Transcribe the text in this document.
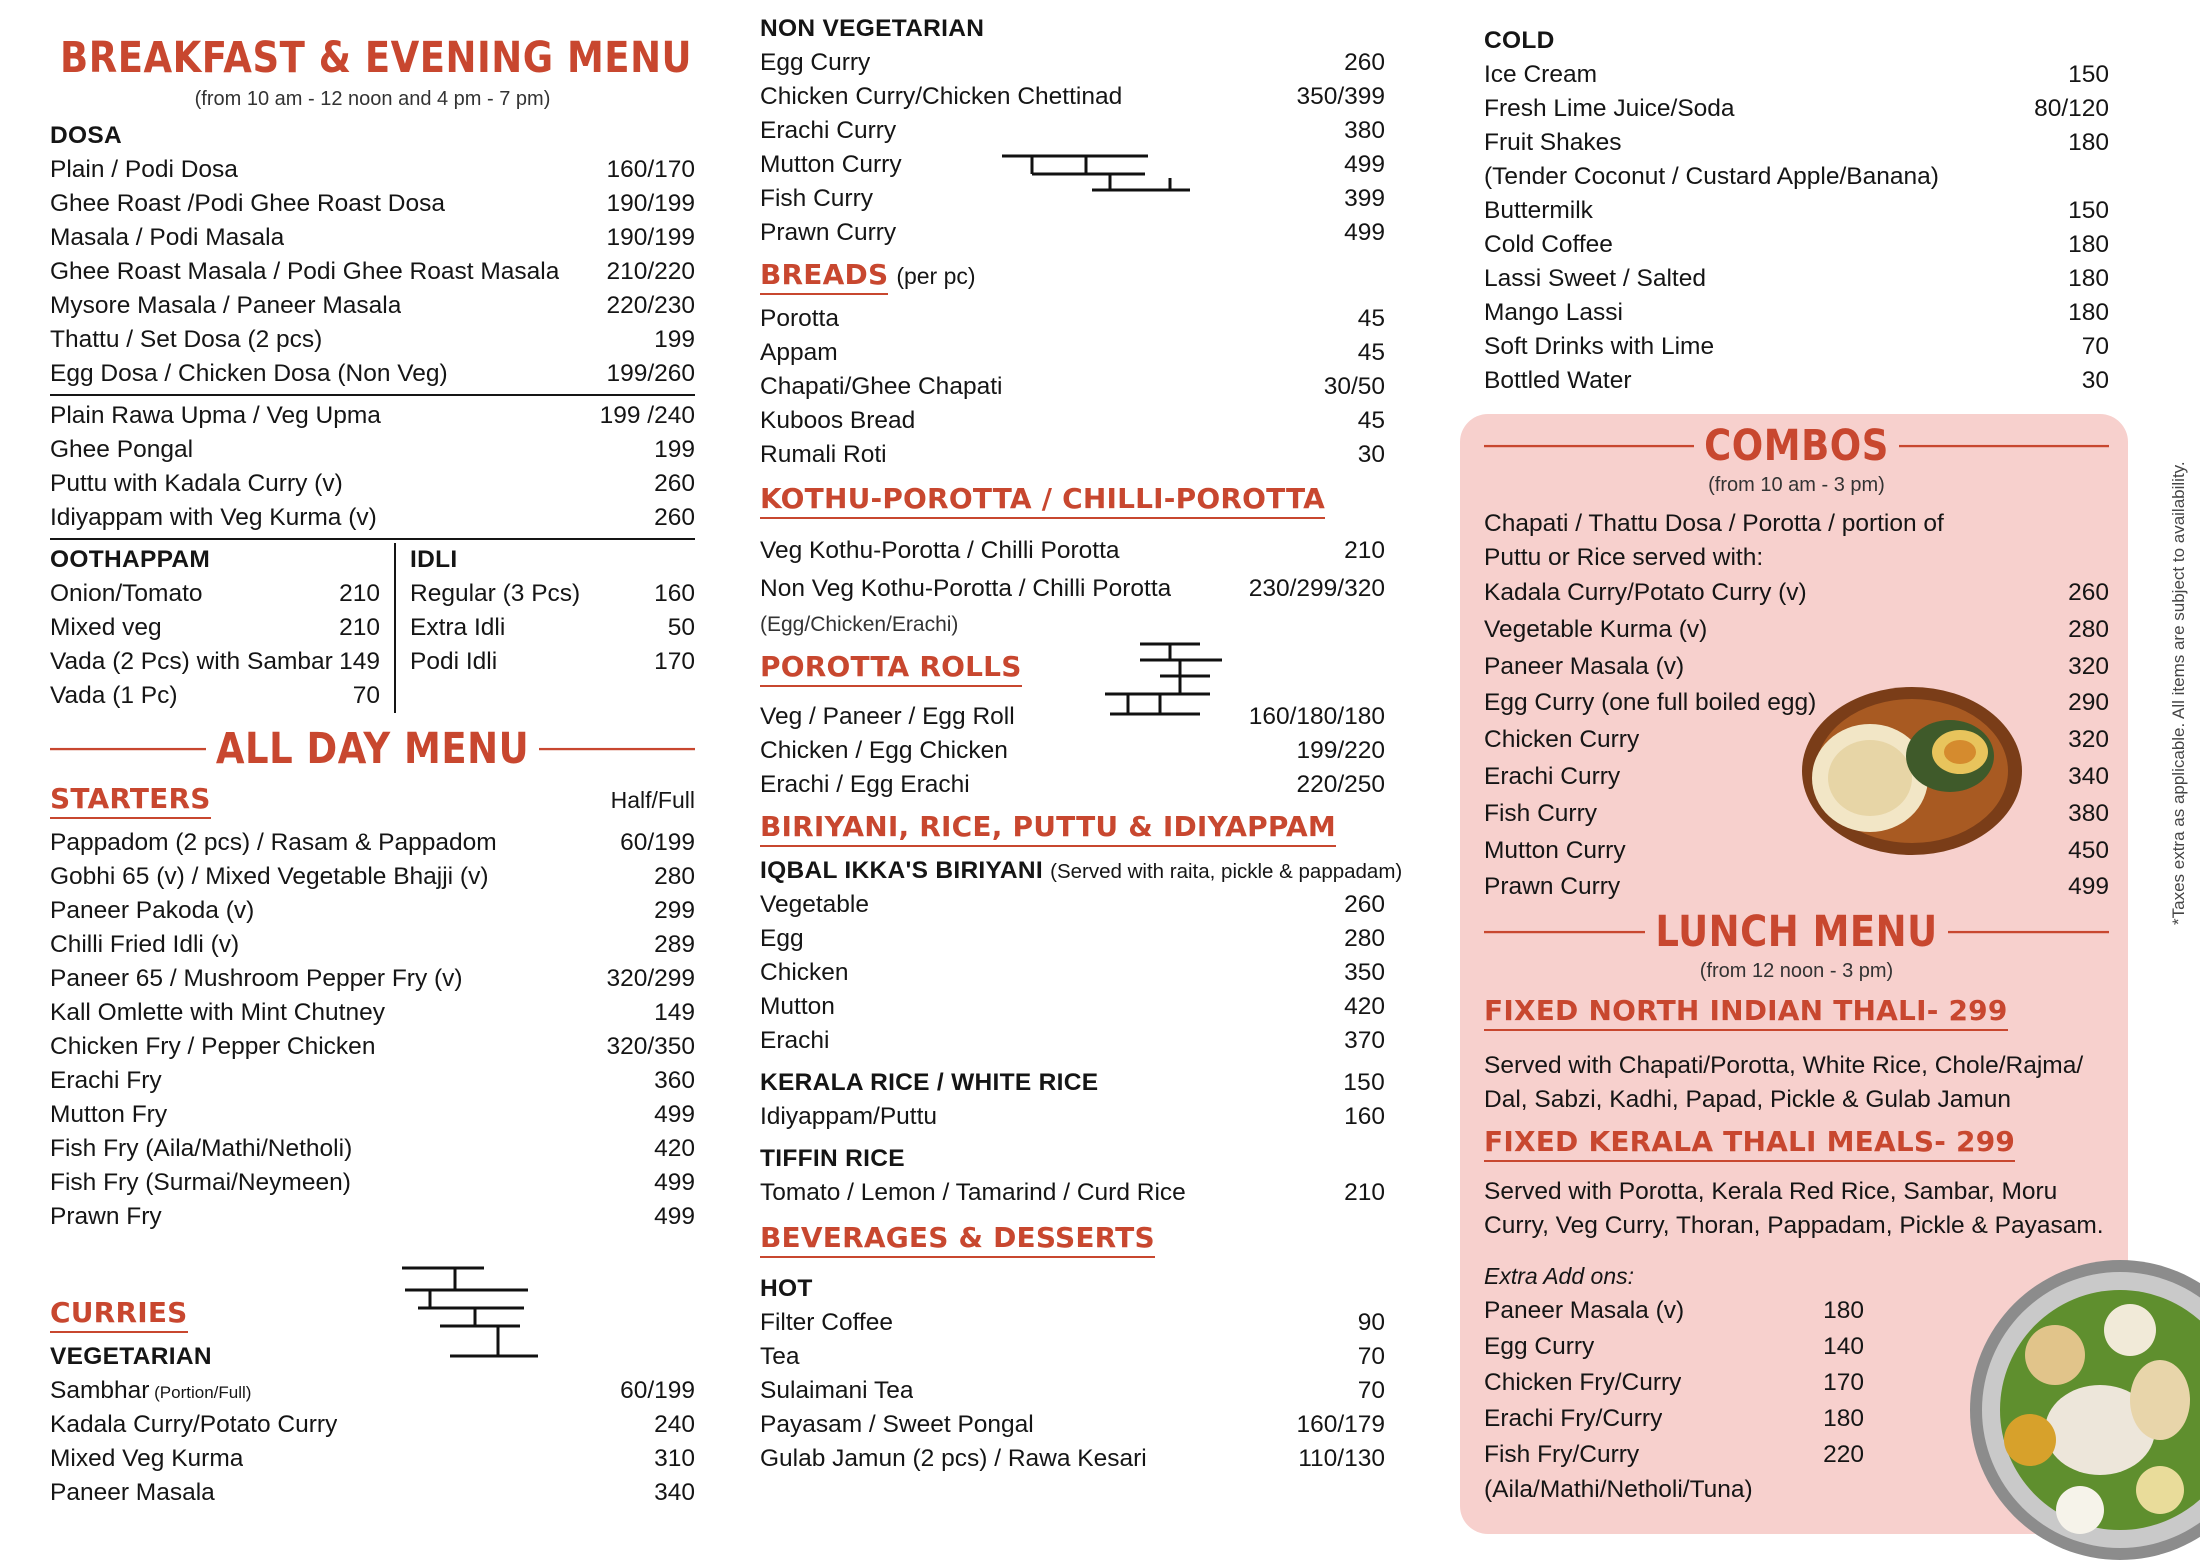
BREAKFAST & EVENING MENU
(from 10 am - 12 noon and 4 pm - 7 pm)
DOSA
Plain / Podi Dosa	160/170
Ghee Roast /Podi Ghee Roast Dosa	190/199
Masala / Podi Masala	190/199
Ghee Roast Masala / Podi Ghee Roast Masala 210/220
Mysore Masala / Paneer Masala	220/230
Thattu / Set Dosa (2 pcs)	199
Egg Dosa / Chicken Dosa (Non Veg)	199/260
Plain Rawa Upma / Veg Upma	199 /240
Ghee Pongal	199
Puttu with Kadala Curry (v)	260
Idiyappam with Veg Kurma (v)	260
OOTHAPPAM
Onion/Tomato	210
Mixed veg	210
Vada (2 Pcs) with Sambar 149
Vada (1 Pc)	70
IDLI
Regular (3 Pcs)	160
Extra Idli	50
Podi Idli	170
ALL DAY MENU
STARTERS	Half/Full
Pappadom (2 pcs) / Rasam & Pappadom	60/199
Gobhi 65 (v) / Mixed Vegetable Bhajji (v)	280
Paneer Pakoda (v)	299
Chilli Fried Idli (v)	289
Paneer 65 / Mushroom Pepper Fry (v)	320/299
Kall Omlette with Mint Chutney	149
Chicken Fry / Pepper Chicken	320/350
Erachi Fry	360
Mutton Fry	499
Fish Fry (Aila/Mathi/Netholi)	420
Fish Fry (Surmai/Neymeen)	499
Prawn Fry	499
CURRIES
VEGETARIAN
Sambhar (Portion/Full)	60/199
Kadala Curry/Potato Curry	240
Mixed Veg Kurma	310
Paneer Masala	340
NON VEGETARIAN
Egg Curry	260
Chicken Curry/Chicken Chettinad	350/399
Erachi Curry	380
Mutton Curry	499
Fish Curry	399
Prawn Curry	499
BREADS (per pc)
Porotta	45
Appam	45
Chapati/Ghee Chapati	30/50
Kuboos Bread	45
Rumali Roti	30
KOTHU-POROTTA / CHILLI-POROTTA
Veg Kothu-Porotta / Chilli Porotta	210
Non Veg Kothu-Porotta / Chilli Porotta	230/299/320
(Egg/Chicken/Erachi)
POROTTA ROLLS
Veg / Paneer / Egg Roll	160/180/180
Chicken / Egg Chicken	199/220
Erachi / Egg Erachi	220/250
BIRIYANI, RICE, PUTTU & IDIYAPPAM
IQBAL IKKA'S BIRIYANI (Served with raita, pickle & pappadam)
Vegetable	260
Egg	280
Chicken	350
Mutton	420
Erachi	370
KERALA RICE / WHITE RICE	150
Idiyappam/Puttu	160
TIFFIN RICE
Tomato / Lemon / Tamarind / Curd Rice	210
BEVERAGES & DESSERTS
HOT
Filter Coffee	90
Tea	70
Sulaimani Tea	70
Payasam / Sweet Pongal	160/179
Gulab Jamun (2 pcs) / Rawa Kesari	110/130
COLD
Ice Cream	150
Fresh Lime Juice/Soda	80/120
Fruit Shakes	180
(Tender Coconut / Custard Apple/Banana)
Buttermilk	150
Cold Coffee	180
Lassi Sweet / Salted	180
Mango Lassi	180
Soft Drinks with Lime	70
Bottled Water	30
COMBOS
(from 10 am - 3 pm)
Chapati / Thattu Dosa / Porotta / portion of
Puttu or Rice served with:
Kadala Curry/Potato Curry (v)	260
Vegetable Kurma (v)	280
Paneer Masala (v)	320
Egg Curry (one full boiled egg)	290
Chicken Curry	320
Erachi Curry	340
Fish Curry	380
Mutton Curry	450
Prawn Curry	499
LUNCH MENU
(from 12 noon - 3 pm)
FIXED NORTH INDIAN THALI- 299
Served with Chapati/Porotta, White Rice, Chole/Rajma/ Dal, Sabzi, Kadhi, Papad, Pickle & Gulab Jamun
FIXED KERALA THALI MEALS- 299
Served with Porotta, Kerala Red Rice, Sambar, Moru Curry, Veg Curry, Thoran, Pappadam, Pickle & Payasam.
Extra Add ons:
Paneer Masala (v)	180
Egg Curry	140
Chicken Fry/Curry	170
Erachi Fry/Curry	180
Fish Fry/Curry	220
(Aila/Mathi/Netholi/Tuna)
*Taxes extra as applicable. All items are subject to availability.
